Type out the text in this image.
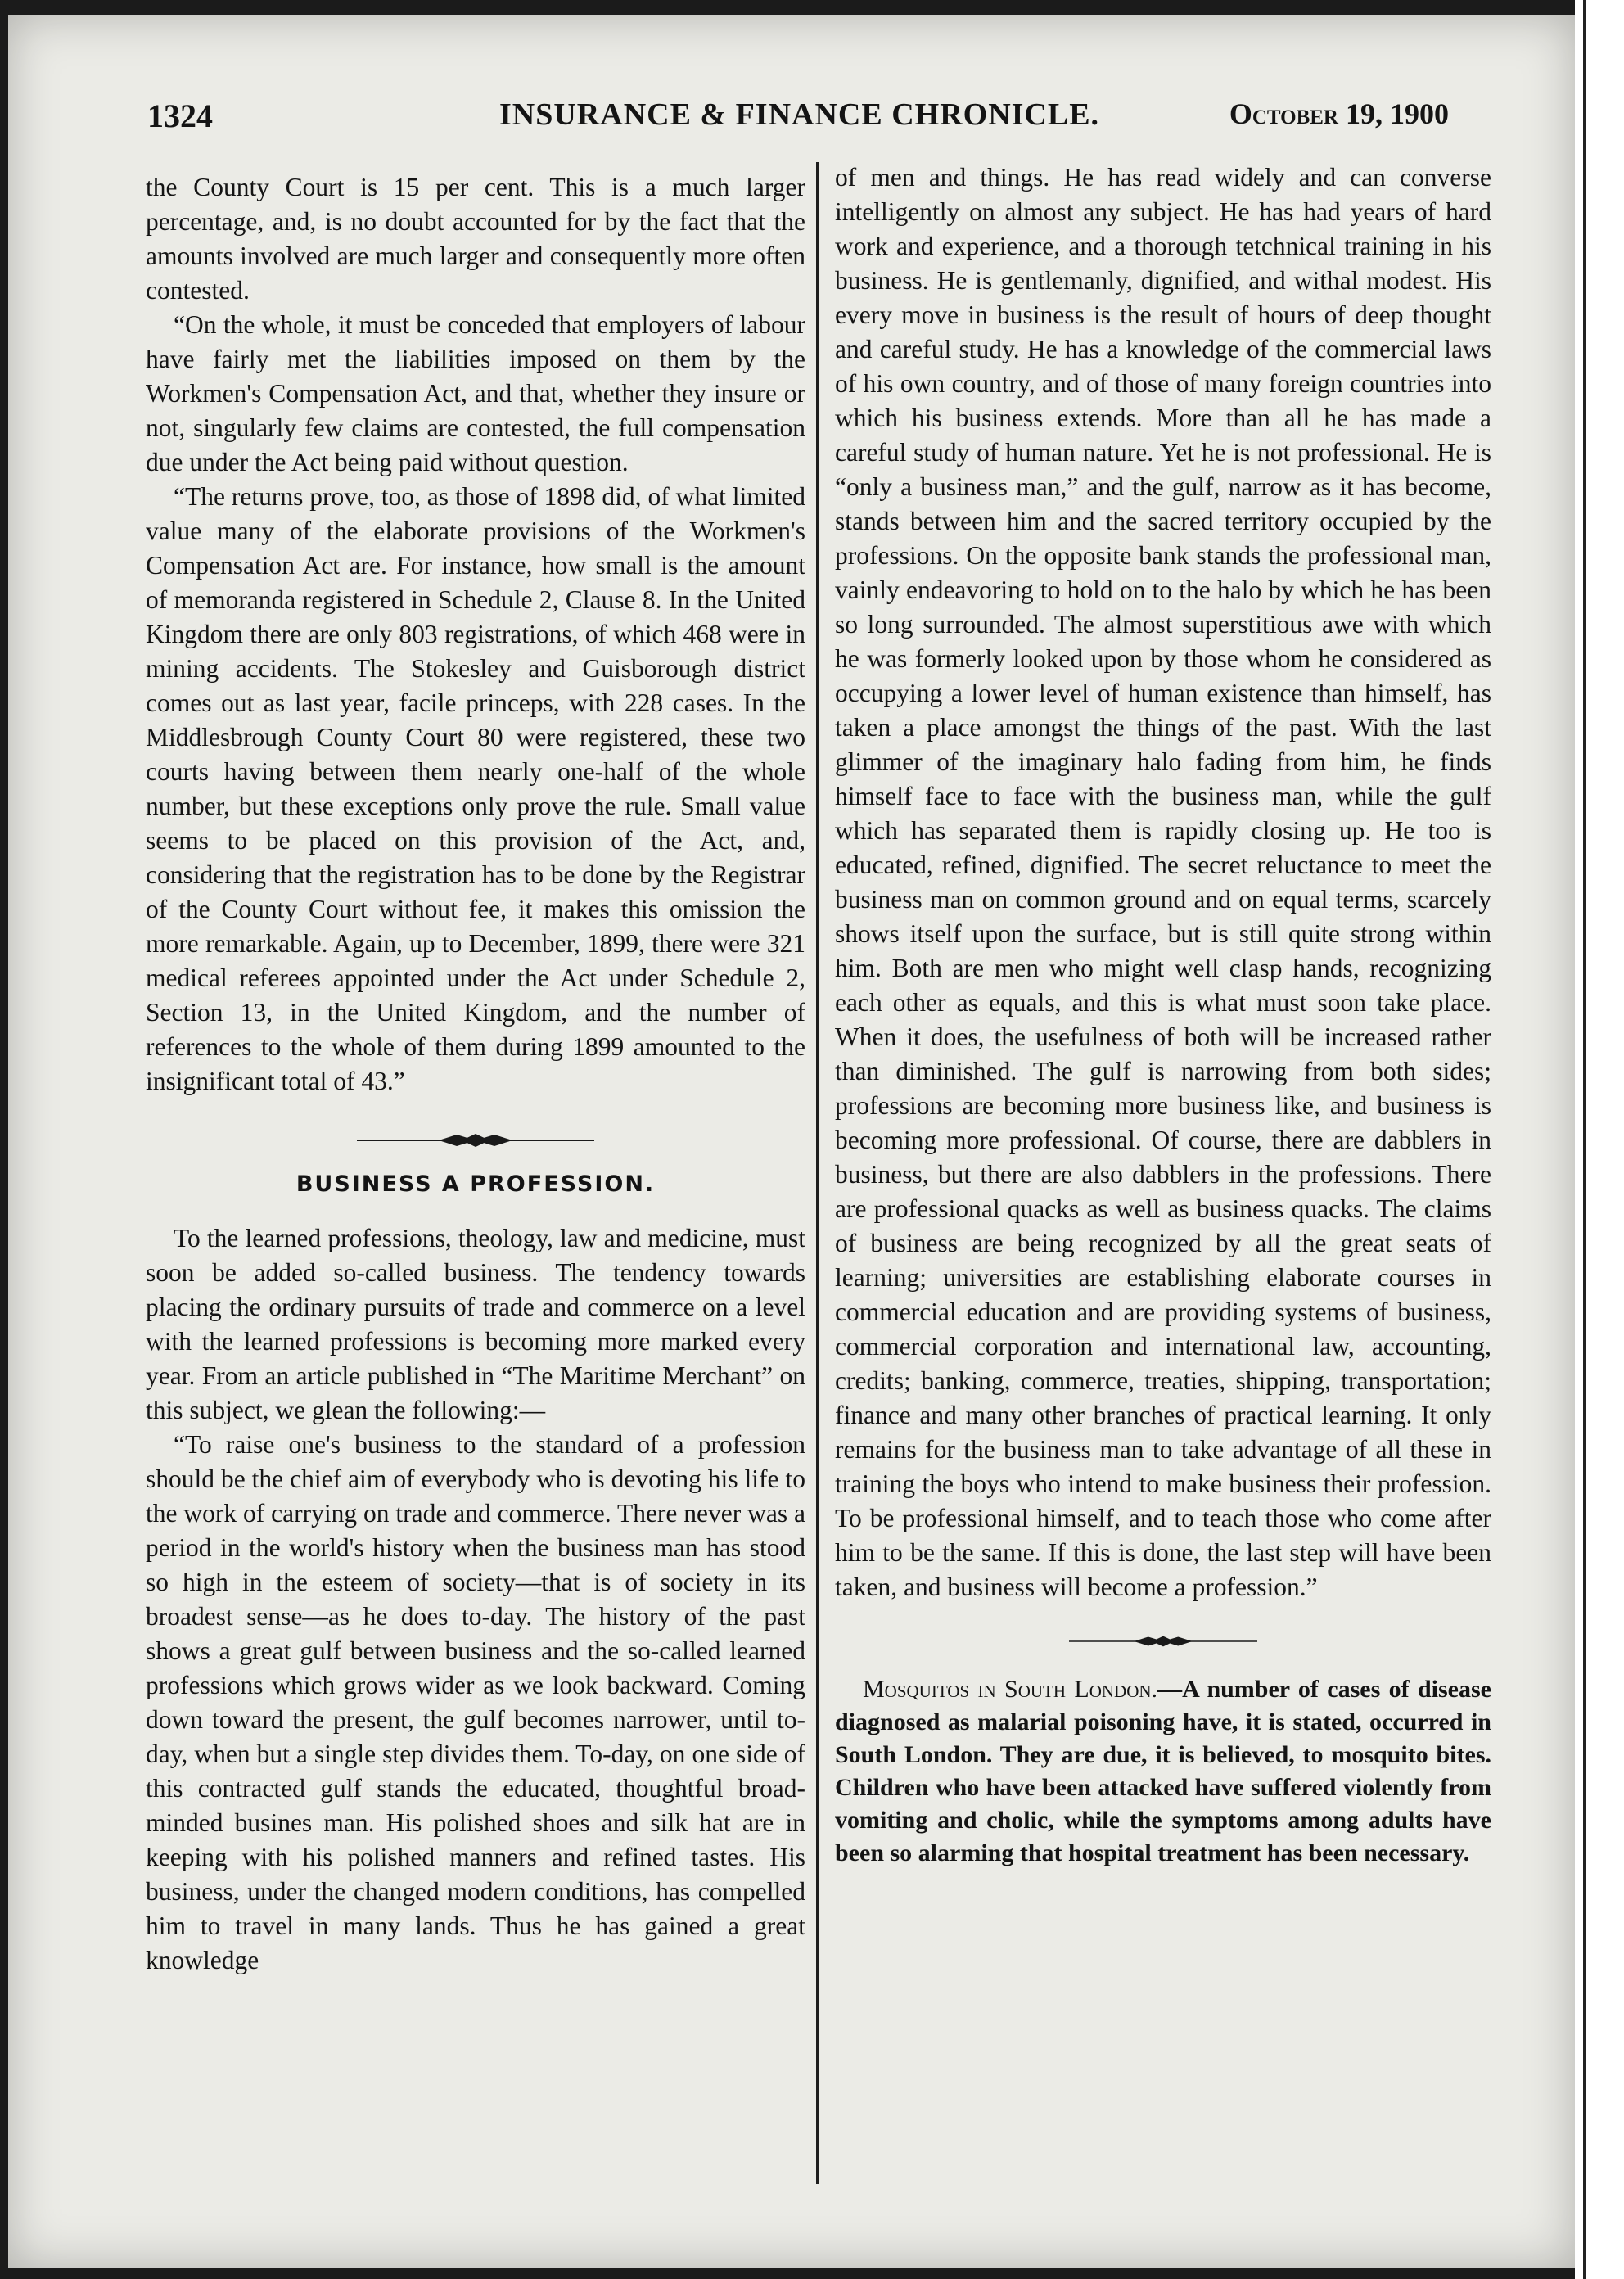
1324	INSURANCE & FINANCE CHRONICLE.	October 19, 1900

the County Court is 15 per cent. This is a much larger percentage, and, is no doubt accounted for by the fact that the amounts involved are much larger and consequently more often contested.

“On the whole, it must be conceded that employers of labour have fairly met the liabilities imposed on them by the Workmen's Compensation Act, and that, whether they insure or not, singularly few claims are contested, the full compensation due under the Act being paid without question.

“The returns prove, too, as those of 1898 did, of what limited value many of the elaborate provisions of the Workmen's Compensation Act are. For instance, how small is the amount of memoranda registered in Schedule 2, Clause 8. In the United Kingdom there are only 803 registrations, of which 468 were in mining accidents. The Stokesley and Guisborough district comes out as last year, facile princeps, with 228 cases. In the Middlesbrough County Court 80 were registered, these two courts having between them nearly one-half of the whole number, but these exceptions only prove the rule. Small value seems to be placed on this provision of the Act, and, considering that the registration has to be done by the Registrar of the County Court without fee, it makes this omission the more remarkable. Again, up to December, 1899, there were 321 medical referees appointed under the Act under Schedule 2, Section 13, in the United Kingdom, and the number of references to the whole of them during 1899 amounted to the insignificant total of 43.”

BUSINESS A PROFESSION.

To the learned professions, theology, law and medicine, must soon be added so-called business. The tendency towards placing the ordinary pursuits of trade and commerce on a level with the learned professions is becoming more marked every year. From an article published in “The Maritime Merchant” on this subject, we glean the following:—

“To raise one's business to the standard of a profession should be the chief aim of everybody who is devoting his life to the work of carrying on trade and commerce. There never was a period in the world's history when the business man has stood so high in the esteem of society—that is of society in its broadest sense—as he does to-day. The history of the past shows a great gulf between business and the so-called learned professions which grows wider as we look backward. Coming down toward the present, the gulf becomes narrower, until to-day, when but a single step divides them. To-day, on one side of this contracted gulf stands the educated, thoughtful broad-minded busines man. His polished shoes and silk hat are in keeping with his polished manners and refined tastes. His business, under the changed modern conditions, has compelled him to travel in many lands. Thus he has gained a great knowledge

of men and things. He has read widely and can converse intelligently on almost any subject. He has had years of hard work and experience, and a thorough tetchnical training in his business. He is gentlemanly, dignified, and withal modest. His every move in business is the result of hours of deep thought and careful study. He has a knowledge of the commercial laws of his own country, and of those of many foreign countries into which his business extends. More than all he has made a careful study of human nature. Yet he is not professional. He is “only a business man,” and the gulf, narrow as it has become, stands between him and the sacred territory occupied by the professions. On the opposite bank stands the professional man, vainly endeavoring to hold on to the halo by which he has been so long surrounded. The almost superstitious awe with which he was formerly looked upon by those whom he considered as occupying a lower level of human existence than himself, has taken a place amongst the things of the past. With the last glimmer of the imaginary halo fading from him, he finds himself face to face with the business man, while the gulf which has separated them is rapidly closing up. He too is educated, refined, dignified. The secret reluctance to meet the business man on common ground and on equal terms, scarcely shows itself upon the surface, but is still quite strong within him. Both are men who might well clasp hands, recognizing each other as equals, and this is what must soon take place. When it does, the usefulness of both will be increased rather than diminished. The gulf is narrowing from both sides; professions are becoming more business like, and business is becoming more professional. Of course, there are dabblers in business, but there are also dabblers in the professions. There are professional quacks as well as business quacks. The claims of business are being recognized by all the great seats of learning; universities are establishing elaborate courses in commercial education and are providing systems of business, commercial corporation and international law, accounting, credits; banking, commerce, treaties, shipping, transportation; finance and many other branches of practical learning. It only remains for the business man to take advantage of all these in training the boys who intend to make business their profession. To be professional himself, and to teach those who come after him to be the same. If this is done, the last step will have been taken, and business will become a profession.”

Mosquitos in South London.—A number of cases of disease diagnosed as malarial poisoning have, it is stated, occurred in South London. They are due, it is believed, to mosquito bites. Children who have been attacked have suffered violently from vomiting and cholic, while the symptoms among adults have been so alarming that hospital treatment has been necessary.
